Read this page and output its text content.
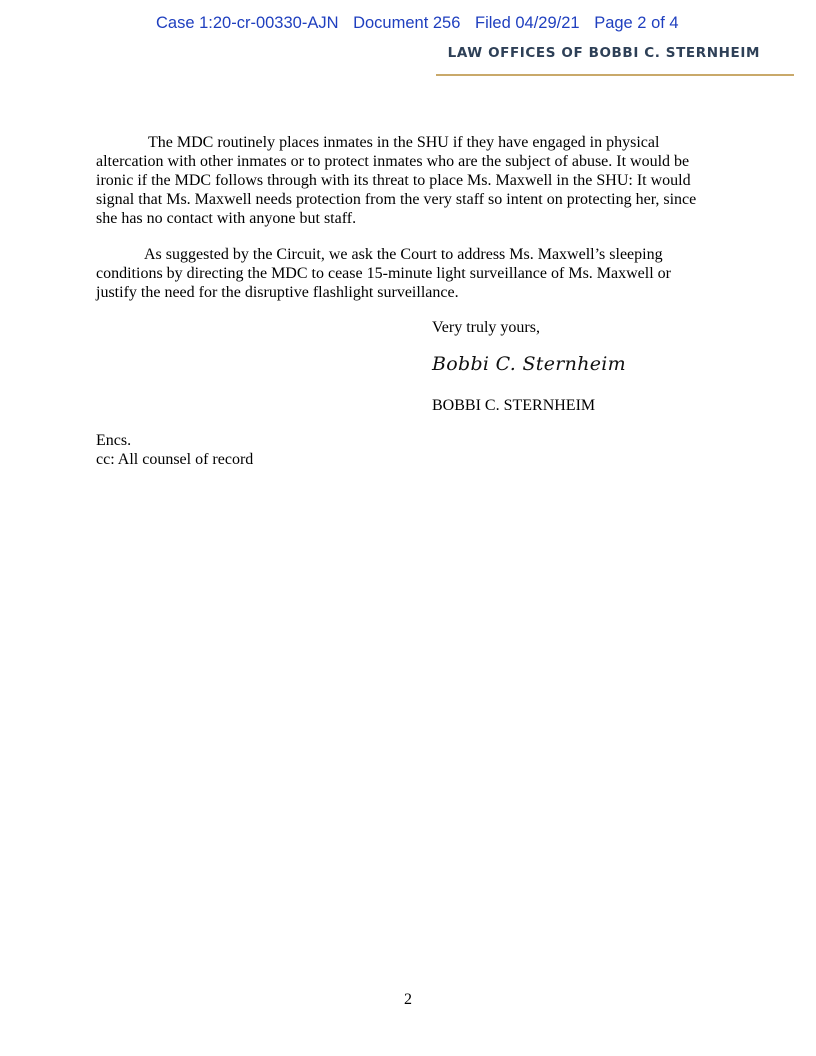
Case 1:20-cr-00330-AJN Document 256 Filed 04/29/21 Page 2 of 4
LAW OFFICES OF BOBBI C. STERNHEIM

The MDC routinely places inmates in the SHU if they have engaged in physical altercation with other inmates or to protect inmates who are the subject of abuse. It would be ironic if the MDC follows through with its threat to place Ms. Maxwell in the SHU: It would signal that Ms. Maxwell needs protection from the very staff so intent on protecting her, since she has no contact with anyone but staff.

As suggested by the Circuit, we ask the Court to address Ms. Maxwell’s sleeping conditions by directing the MDC to cease 15-minute light surveillance of Ms. Maxwell or justify the need for the disruptive flashlight surveillance.

Very truly yours,
Bobbi C. Sternheim
BOBBI C. STERNHEIM
Encs.
cc: All counsel of record
2
